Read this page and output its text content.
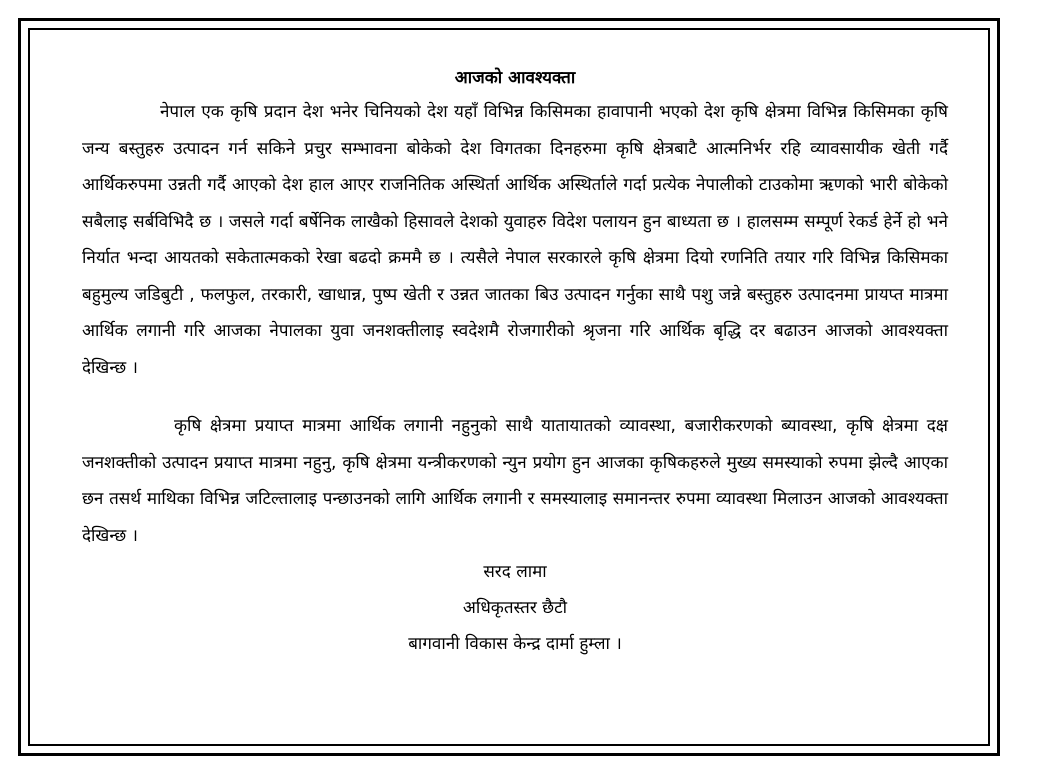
आजको आवश्यक्ता

नेपाल एक कृषि प्रदान देश भनेर चिनियको देश यहाँ विभिन्न किसिमका हावापानी भएको देश कृषि क्षेत्रमा विभिन्न किसिमका कृषि जन्य बस्तुहरु उत्पादन गर्न सकिने प्रचुर सम्भावना बोकेको देश विगतका दिनहरुमा कृषि क्षेत्रबाटै आत्मनिर्भर रहि व्यावसायीक खेती गर्दै आर्थिकरुपमा उन्नती गर्दै आएको देश हाल आएर राजनितिक अस्थिर्ता आर्थिक अस्थिर्ताले गर्दा प्रत्येक नेपालीको टाउकोमा ऋणको भारी बोकेको सबैलाइ सर्बविभिदै छ । जसले गर्दा बर्षेनिक लाखैको हिसावले देशको युवाहरु विदेश पलायन हुन बाध्यता छ । हालसम्म सम्पूर्ण रेकर्ड हेर्ने हो भने निर्यात भन्दा आयतको सकेतात्मकको रेखा बढदो क्रममै छ । त्यसैले नेपाल सरकारले कृषि क्षेत्रमा दियो रणनिति तयार गरि विभिन्न किसिमका बहुमुल्य जडिबुटी , फलफुल, तरकारी, खाधान्न, पुष्प खेती र उन्नत जातका बिउ उत्पादन गर्नुका साथै पशु जन्ने बस्तुहरु उत्पादनमा प्रायप्त मात्रमा आर्थिक लगानी गरि आजका नेपालका युवा जनशक्तीलाइ स्वदेशमै रोजगारीको श्रृजना गरि आर्थिक बृद्धि दर बढाउन आजको आवश्यक्ता देखिन्छ ।

कृषि क्षेत्रमा प्रयाप्त मात्रमा आर्थिक लगानी नहुनुको साथै यातायातको व्यावस्था, बजारीकरणको ब्यावस्था, कृषि क्षेत्रमा दक्ष जनशक्तीको उत्पादन प्रयाप्त मात्रमा नहुनु, कृषि क्षेत्रमा यन्त्रीकरणको न्युन प्रयोग हुन आजका कृषिकहरुले मुख्य समस्याको रुपमा झेल्दै आएका छन तसर्थ माथिका विभिन्न जटिल्तालाइ पन्छाउनको लागि आर्थिक लगानी र समस्यालाइ समानन्तर रुपमा व्यावस्था मिलाउन आजको आवश्यक्ता देखिन्छ ।

सरद लामा
अधिकृतस्तर छैटौ
बागवानी विकास केन्द्र दार्मा हुम्ला ।
